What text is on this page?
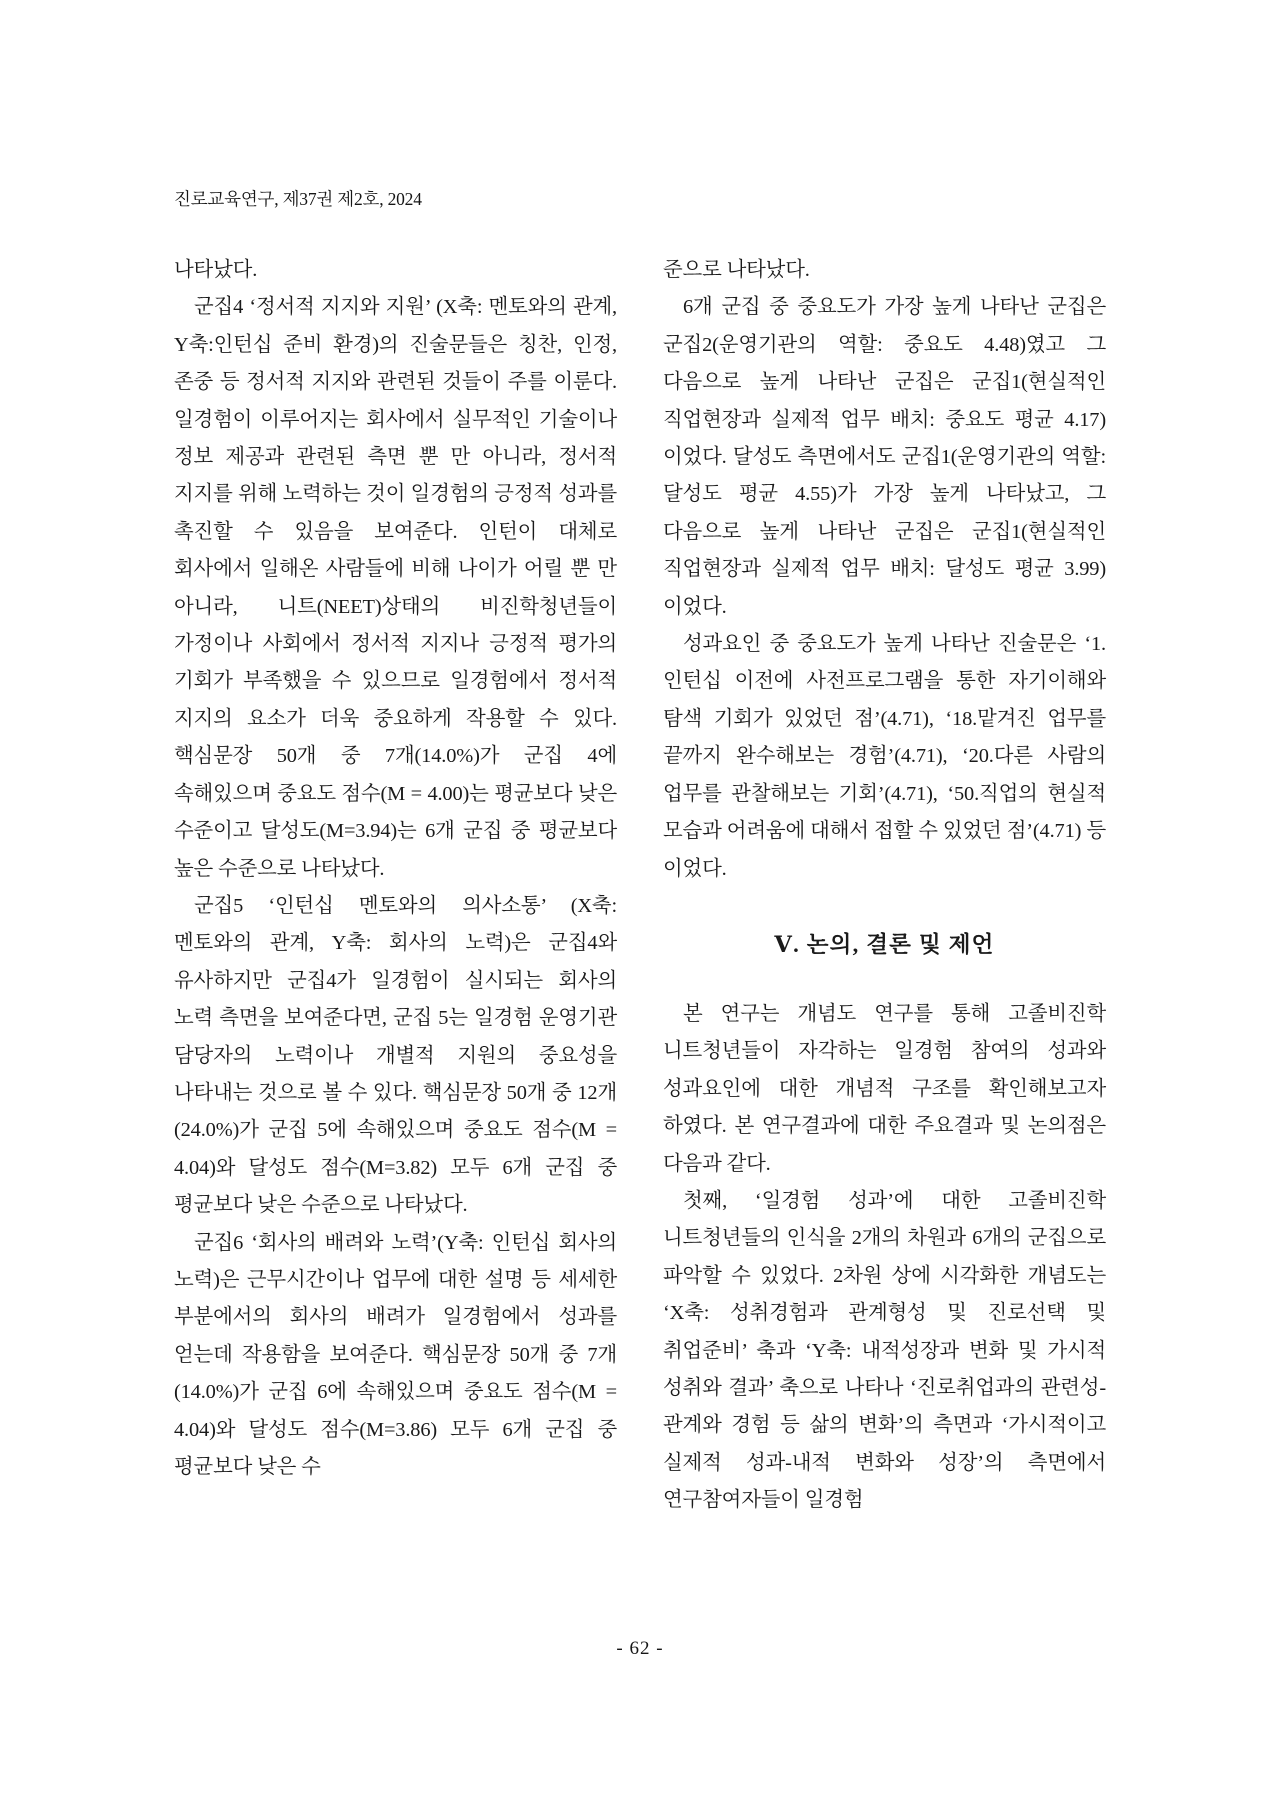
진로교육연구, 제37권 제2호, 2024

나타났다.

군집4 ‘정서적 지지와 지원’ (X축: 멘토와의 관계, Y축:인턴십 준비 환경)의 진술문들은 칭찬, 인정, 존중 등 정서적 지지와 관련된 것들이 주를 이룬다. 일경험이 이루어지는 회사에서 실무적인 기술이나 정보 제공과 관련된 측면 뿐 만 아니라, 정서적 지지를 위해 노력하는 것이 일경험의 긍정적 성과를 촉진할 수 있음을 보여준다. 인턴이 대체로 회사에서 일해온 사람들에 비해 나이가 어릴 뿐 만 아니라, 니트(NEET)상태의 비진학청년들이 가정이나 사회에서 정서적 지지나 긍정적 평가의 기회가 부족했을 수 있으므로 일경험에서 정서적 지지의 요소가 더욱 중요하게 작용할 수 있다. 핵심문장 50개 중 7개(14.0%)가 군집 4에 속해있으며 중요도 점수(M = 4.00)는 평균보다 낮은 수준이고 달성도(M=3.94)는 6개 군집 중 평균보다 높은 수준으로 나타났다.

군집5 ‘인턴십 멘토와의 의사소통’ (X축: 멘토와의 관계, Y축: 회사의 노력)은 군집4와 유사하지만 군집4가 일경험이 실시되는 회사의 노력 측면을 보여준다면, 군집 5는 일경험 운영기관 담당자의 노력이나 개별적 지원의 중요성을 나타내는 것으로 볼 수 있다. 핵심문장 50개 중 12개(24.0%)가 군집 5에 속해있으며 중요도 점수(M = 4.04)와 달성도 점수(M=3.82) 모두 6개 군집 중 평균보다 낮은 수준으로 나타났다.

군집6 ‘회사의 배려와 노력’(Y축: 인턴십 회사의 노력)은 근무시간이나 업무에 대한 설명 등 세세한 부분에서의 회사의 배려가 일경험에서 성과를 얻는데 작용함을 보여준다. 핵심문장 50개 중 7개(14.0%)가 군집 6에 속해있으며 중요도 점수(M = 4.04)와 달성도 점수(M=3.86) 모두 6개 군집 중 평균보다 낮은 수

준으로 나타났다.

6개 군집 중 중요도가 가장 높게 나타난 군집은 군집2(운영기관의 역할: 중요도 4.48)였고 그 다음으로 높게 나타난 군집은 군집1(현실적인 직업현장과 실제적 업무 배치: 중요도 평균 4.17)이었다. 달성도 측면에서도 군집1(운영기관의 역할: 달성도 평균 4.55)가 가장 높게 나타났고, 그 다음으로 높게 나타난 군집은 군집1(현실적인 직업현장과 실제적 업무 배치: 달성도 평균 3.99)이었다.

성과요인 중 중요도가 높게 나타난 진술문은 ‘1.인턴십 이전에 사전프로그램을 통한 자기이해와 탐색 기회가 있었던 점’(4.71), ‘18.맡겨진 업무를 끝까지 완수해보는 경험’(4.71), ‘20.다른 사람의 업무를 관찰해보는 기회’(4.71), ‘50.직업의 현실적 모습과 어려움에 대해서 접할 수 있었던 점’(4.71) 등 이었다.

Ⅴ. 논의, 결론 및 제언

본 연구는 개념도 연구를 통해 고졸비진학 니트청년들이 자각하는 일경험 참여의 성과와 성과요인에 대한 개념적 구조를 확인해보고자 하였다. 본 연구결과에 대한 주요결과 및 논의점은 다음과 같다.

첫째, ‘일경험 성과’에 대한 고졸비진학 니트청년들의 인식을 2개의 차원과 6개의 군집으로 파악할 수 있었다. 2차원 상에 시각화한 개념도는 ‘X축: 성취경험과 관계형성 및 진로선택 및 취업준비’ 축과 ‘Y축: 내적성장과 변화 및 가시적 성취와 결과’ 축으로 나타나 ‘진로취업과의 관련성-관계와 경험 등 삶의 변화’의 측면과 ‘가시적이고 실제적 성과-내적 변화와 성장’의 측면에서 연구참여자들이 일경험

- 62 -
